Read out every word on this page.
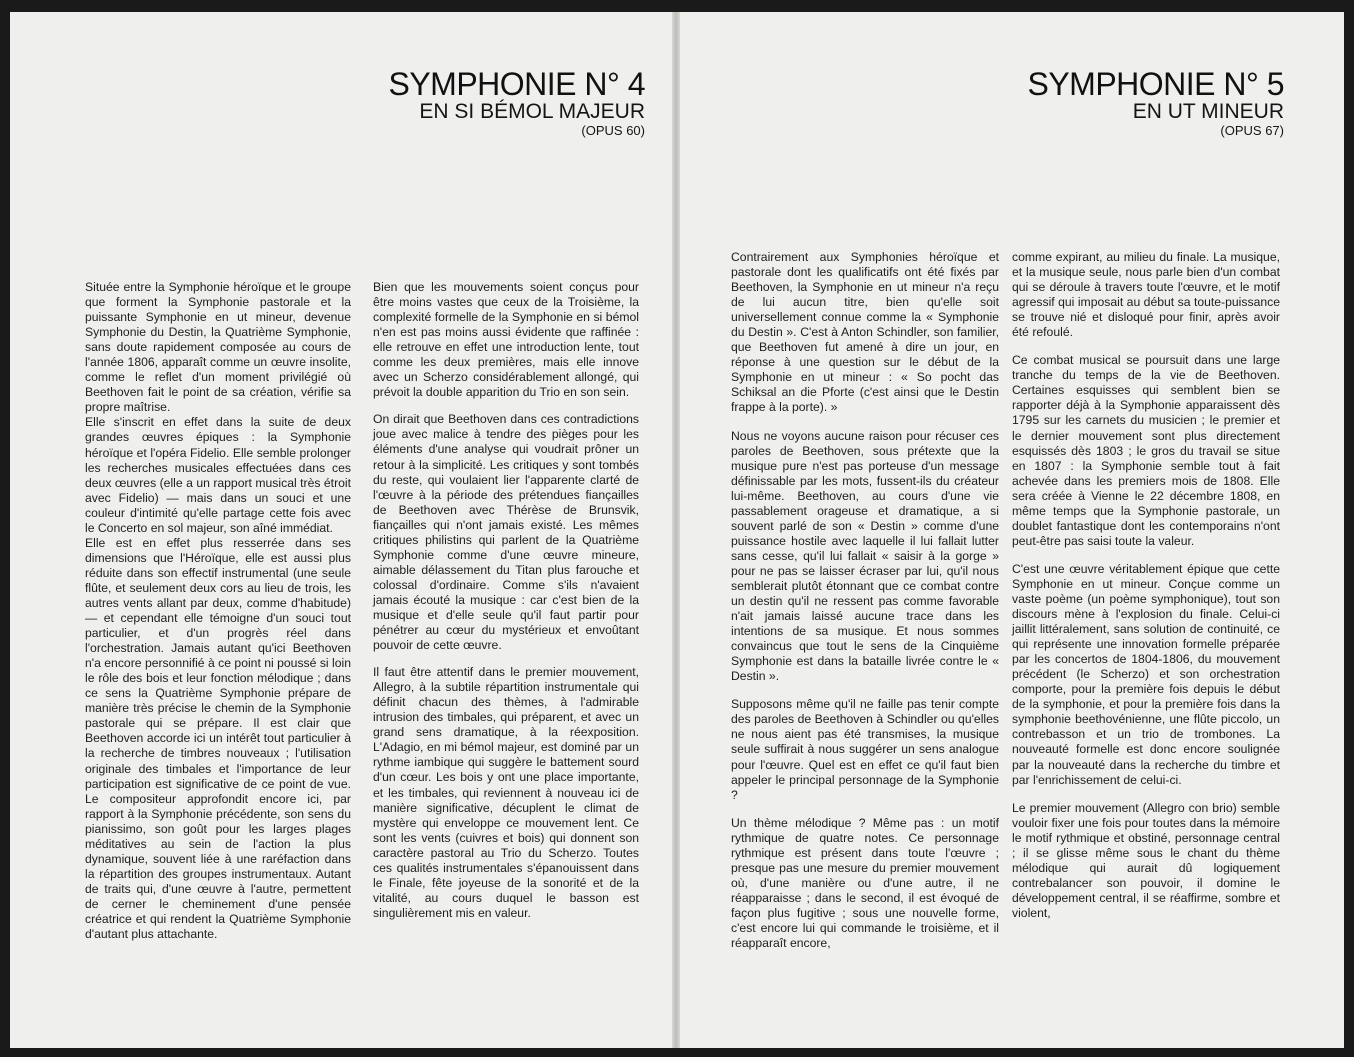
SYMPHONIE N° 4
EN SI BÉMOL MAJEUR
(OPUS 60)

Située entre la Symphonie héroïque et le groupe que forment la Symphonie pastorale et la puissante Symphonie en ut mineur, devenue Symphonie du Destin, la Quatrième Symphonie, sans doute rapidement composée au cours de l'année 1806, apparaît comme un œuvre insolite, comme le reflet d'un moment privilégié où Beethoven fait le point de sa création, vérifie sa propre maîtrise.

Elle s'inscrit en effet dans la suite de deux grandes œuvres épiques : la Symphonie héroïque et l'opéra Fidelio. Elle semble prolonger les recherches musicales effectuées dans ces deux œuvres (elle a un rapport musical très étroit avec Fidelio) — mais dans un souci et une couleur d'intimité qu'elle partage cette fois avec le Concerto en sol majeur, son aîné immédiat.

Elle est en effet plus resserrée dans ses dimensions que l'Héroïque, elle est aussi plus réduite dans son effectif instrumental (une seule flûte, et seulement deux cors au lieu de trois, les autres vents allant par deux, comme d'habitude) — et cependant elle témoigne d'un souci tout particulier, et d'un progrès réel dans l'orchestration. Jamais autant qu'ici Beethoven n'a encore personnifié à ce point ni poussé si loin le rôle des bois et leur fonction mélodique ; dans ce sens la Quatrième Symphonie prépare de manière très précise le chemin de la Symphonie pastorale qui se prépare. Il est clair que Beethoven accorde ici un intérêt tout particulier à la recherche de timbres nouveaux ; l'utilisation originale des timbales et l'importance de leur participation est significative de ce point de vue. Le compositeur approfondit encore ici, par rapport à la Symphonie précédente, son sens du pianissimo, son goût pour les larges plages méditatives au sein de l'action la plus dynamique, souvent liée à une raréfaction dans la répartition des groupes instrumentaux. Autant de traits qui, d'une œuvre à l'autre, permettent de cerner le cheminement d'une pensée créatrice et qui rendent la Quatrième Symphonie d'autant plus attachante.

Bien que les mouvements soient conçus pour être moins vastes que ceux de la Troisième, la complexité formelle de la Symphonie en si bémol n'en est pas moins aussi évidente que raffinée : elle retrouve en effet une introduction lente, tout comme les deux premières, mais elle innove avec un Scherzo considérablement allongé, qui prévoit la double apparition du Trio en son sein.

On dirait que Beethoven dans ces contradictions joue avec malice à tendre des pièges pour les éléments d'une analyse qui voudrait prôner un retour à la simplicité. Les critiques y sont tombés du reste, qui voulaient lier l'apparente clarté de l'œuvre à la période des prétendues fiançailles de Beethoven avec Thérèse de Brunsvik, fiançailles qui n'ont jamais existé. Les mêmes critiques philistins qui parlent de la Quatrième Symphonie comme d'une œuvre mineure, aimable délassement du Titan plus farouche et colossal d'ordinaire. Comme s'ils n'avaient jamais écouté la musique : car c'est bien de la musique et d'elle seule qu'il faut partir pour pénétrer au cœur du mystérieux et envoûtant pouvoir de cette œuvre.

Il faut être attentif dans le premier mouvement, Allegro, à la subtile répartition instrumentale qui définit chacun des thèmes, à l'admirable intrusion des timbales, qui préparent, et avec un grand sens dramatique, à la réexposition. L'Adagio, en mi bémol majeur, est dominé par un rythme iambique qui suggère le battement sourd d'un cœur. Les bois y ont une place importante, et les timbales, qui reviennent à nouveau ici de manière significative, décuplent le climat de mystère qui enveloppe ce mouvement lent. Ce sont les vents (cuivres et bois) qui donnent son caractère pastoral au Trio du Scherzo. Toutes ces qualités instrumentales s'épanouissent dans le Finale, fête joyeuse de la sonorité et de la vitalité, au cours duquel le basson est singulièrement mis en valeur.

SYMPHONIE N° 5
EN UT MINEUR
(OPUS 67)

Contrairement aux Symphonies héroïque et pastorale dont les qualificatifs ont été fixés par Beethoven, la Symphonie en ut mineur n'a reçu de lui aucun titre, bien qu'elle soit universellement connue comme la « Symphonie du Destin ». C'est à Anton Schindler, son familier, que Beethoven fut amené à dire un jour, en réponse à une question sur le début de la Symphonie en ut mineur : « So pocht das Schiksal an die Pforte (c'est ainsi que le Destin frappe à la porte). »

Nous ne voyons aucune raison pour récuser ces paroles de Beethoven, sous prétexte que la musique pure n'est pas porteuse d'un message définissable par les mots, fussent-ils du créateur lui-même. Beethoven, au cours d'une vie passablement orageuse et dramatique, a si souvent parlé de son « Destin » comme d'une puissance hostile avec laquelle il lui fallait lutter sans cesse, qu'il lui fallait « saisir à la gorge » pour ne pas se laisser écraser par lui, qu'il nous semblerait plutôt étonnant que ce combat contre un destin qu'il ne ressent pas comme favorable n'ait jamais laissé aucune trace dans les intentions de sa musique. Et nous sommes convaincus que tout le sens de la Cinquième Symphonie est dans la bataille livrée contre le « Destin ».

Supposons même qu'il ne faille pas tenir compte des paroles de Beethoven à Schindler ou qu'elles ne nous aient pas été transmises, la musique seule suffirait à nous suggérer un sens analogue pour l'œuvre. Quel est en effet ce qu'il faut bien appeler le principal personnage de la Symphonie ?

Un thème mélodique ? Même pas : un motif rythmique de quatre notes. Ce personnage rythmique est présent dans toute l'œuvre ; presque pas une mesure du premier mouvement où, d'une manière ou d'une autre, il ne réapparaisse ; dans le second, il est évoqué de façon plus fugitive ; sous une nouvelle forme, c'est encore lui qui commande le troisième, et il réapparaît encore,

comme expirant, au milieu du finale. La musique, et la musique seule, nous parle bien d'un combat qui se déroule à travers toute l'œuvre, et le motif agressif qui imposait au début sa toute-puissance se trouve nié et disloqué pour finir, après avoir été refoulé.

Ce combat musical se poursuit dans une large tranche du temps de la vie de Beethoven. Certaines esquisses qui semblent bien se rapporter déjà à la Symphonie apparaissent dès 1795 sur les carnets du musicien ; le premier et le dernier mouvement sont plus directement esquissés dès 1803 ; le gros du travail se situe en 1807 : la Symphonie semble tout à fait achevée dans les premiers mois de 1808. Elle sera créée à Vienne le 22 décembre 1808, en même temps que la Symphonie pastorale, un doublet fantastique dont les contemporains n'ont peut-être pas saisi toute la valeur.

C'est une œuvre véritablement épique que cette Symphonie en ut mineur. Conçue comme un vaste poème (un poème symphonique), tout son discours mène à l'explosion du finale. Celui-ci jaillit littéralement, sans solution de continuité, ce qui représente une innovation formelle préparée par les concertos de 1804-1806, du mouvement précédent (le Scherzo) et son orchestration comporte, pour la première fois depuis le début de la symphonie, et pour la première fois dans la symphonie beethovénienne, une flûte piccolo, un contrebasson et un trio de trombones. La nouveauté formelle est donc encore soulignée par la nouveauté dans la recherche du timbre et par l'enrichissement de celui-ci.

Le premier mouvement (Allegro con brio) semble vouloir fixer une fois pour toutes dans la mémoire le motif rythmique et obstiné, personnage central ; il se glisse même sous le chant du thème mélodique qui aurait dû logiquement contrebalancer son pouvoir, il domine le développement central, il se réaffirme, sombre et violent,
